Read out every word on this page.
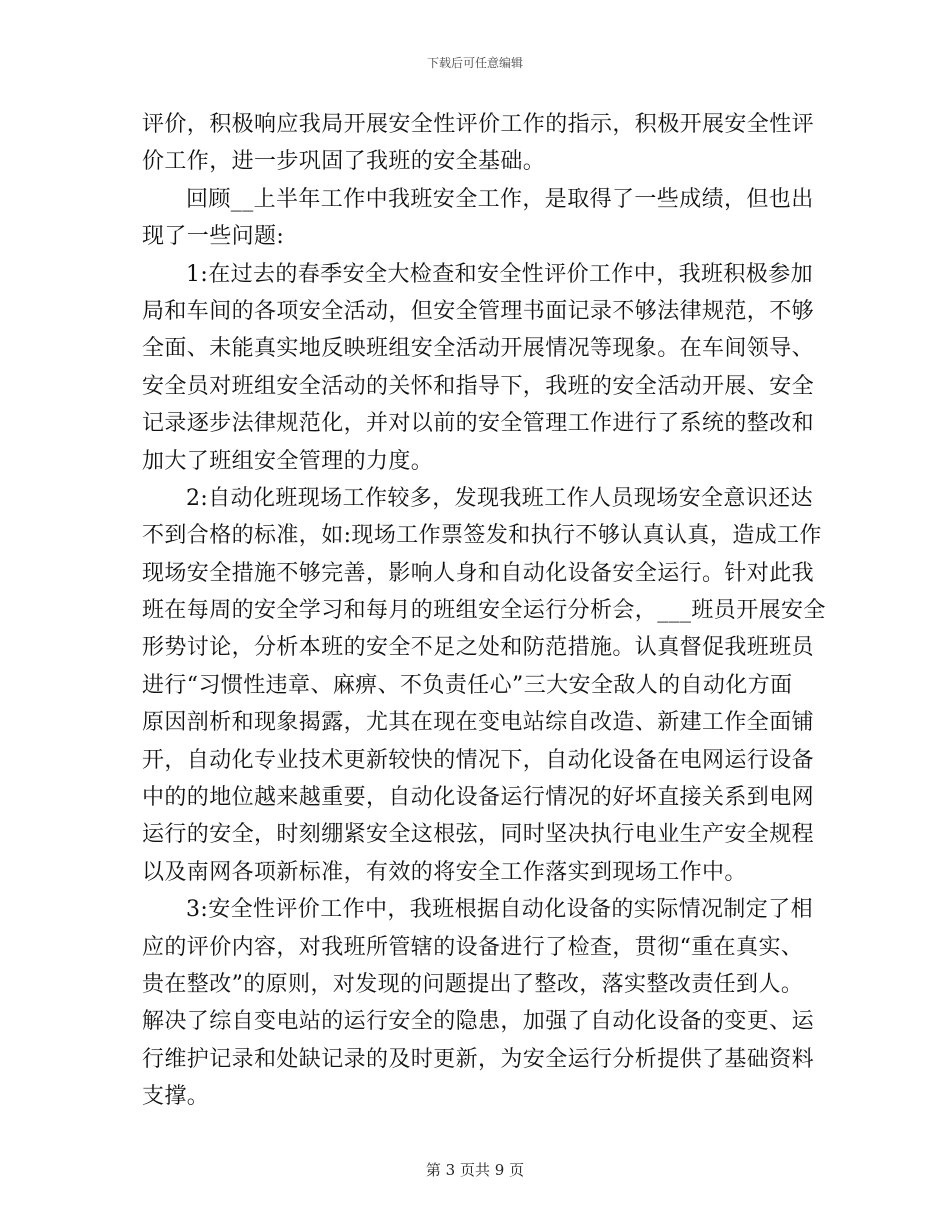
下载后可任意编辑
评价，积极响应我局开展安全性评价工作的指示，积极开展安全性评
价工作，进一步巩固了我班的安全基础。
回顾__上半年工作中我班安全工作，是取得了一些成绩，但也出
现了一些问题:
1:在过去的春季安全大检查和安全性评价工作中，我班积极参加
局和车间的各项安全活动，但安全管理书面记录不够法律规范，不够
全面、未能真实地反映班组安全活动开展情况等现象。在车间领导、
安全员对班组安全活动的关怀和指导下，我班的安全活动开展、安全
记录逐步法律规范化，并对以前的安全管理工作进行了系统的整改和
加大了班组安全管理的力度。
2:自动化班现场工作较多，发现我班工作人员现场安全意识还达
不到合格的标准，如:现场工作票签发和执行不够认真认真，造成工作
现场安全措施不够完善，影响人身和自动化设备安全运行。针对此我
班在每周的安全学习和每月的班组安全运行分析会，___班员开展安全
形势讨论，分析本班的安全不足之处和防范措施。认真督促我班班员
进行“习惯性违章、麻痹、不负责任心”三大安全敌人的自动化方面
原因剖析和现象揭露，尤其在现在变电站综自改造、新建工作全面铺
开，自动化专业技术更新较快的情况下，自动化设备在电网运行设备
中的的地位越来越重要，自动化设备运行情况的好坏直接关系到电网
运行的安全，时刻绷紧安全这根弦，同时坚决执行电业生产安全规程
以及南网各项新标准，有效的将安全工作落实到现场工作中。
3:安全性评价工作中，我班根据自动化设备的实际情况制定了相
应的评价内容，对我班所管辖的设备进行了检查，贯彻“重在真实、
贵在整改”的原则，对发现的问题提出了整改，落实整改责任到人。
解决了综自变电站的运行安全的隐患，加强了自动化设备的变更、运
行维护记录和处缺记录的及时更新，为安全运行分析提供了基础资料
支撑。
第 3 页共 9 页
